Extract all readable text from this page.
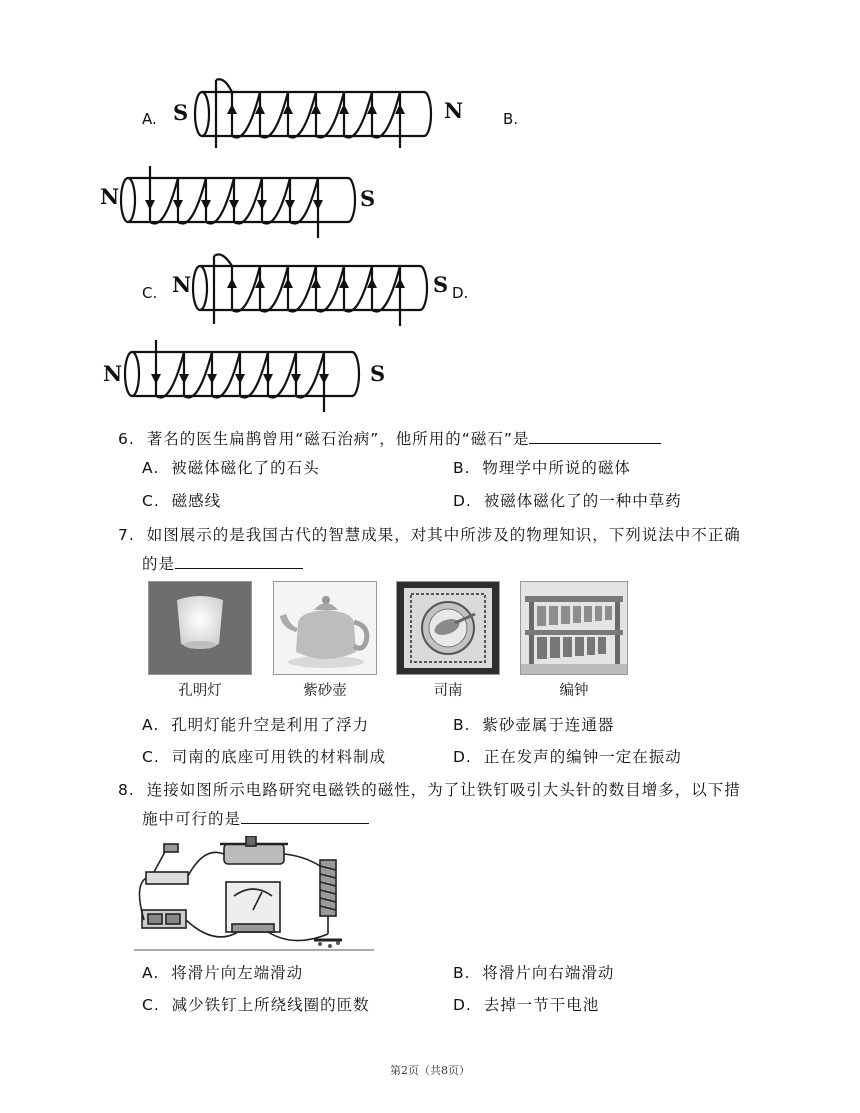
A. S	N	B.
N	S
C. N	S D.
N	S
6. 著名的医生扁鹊曾用“磁石治病”，他所用的“磁石”是
A. 被磁体磁化了的石头	B. 物理学中所说的磁体
C. 磁感线	D. 被磁体磁化了的一种中草药
7. 如图展示的是我国古代的智慧成果，对其中所涉及的物理知识，下列说法中不正确
的是
孔明灯	紫砂壶	司南	编钟
A. 孔明灯能升空是利用了浮力	B. 紫砂壶属于连通器
C. 司南的底座可用铁的材料制成	D. 正在发声的编钟一定在振动
8. 连接如图所示电路研究电磁铁的磁性，为了让铁钉吸引大头针的数目增多，以下措
施中可行的是
A. 将滑片向左端滑动	B. 将滑片向右端滑动
C. 减少铁钉上所绕线圈的匝数	D. 去掉一节干电池
第2页（共8页）
